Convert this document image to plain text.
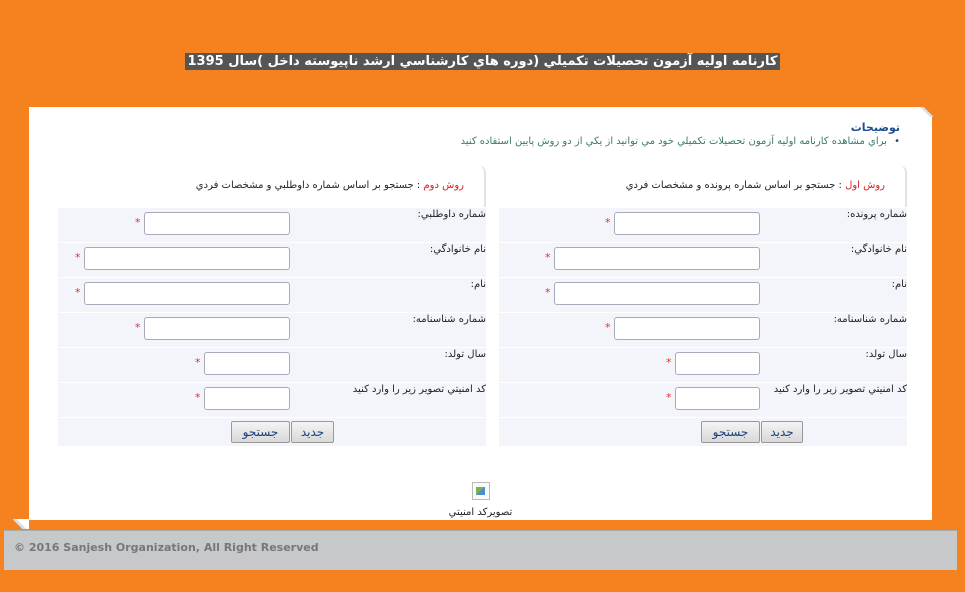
كارنامه اوليه آزمون تحصيلات تكميلي (دوره هاي كارشناسي ارشد ناپيوسته داخل )سال 1395
توضيحات
• براي مشاهده كارنامه اوليه آزمون تحصيلات تكميلي خود مي توانيد از يكي از دو روش پايين استفاده كنيد
روش اول : جستجو بر اساس شماره پرونده و مشخصات فردي
شماره پرونده:
*
نام خانوادگي:
*
نام:
*
شماره شناسنامه:
*
سال تولد:
*
كد امنيتي تصوير زير را وارد كنيد
*
جديد
جستجو
روش دوم : جستجو بر اساس شماره داوطلبي و مشخصات فردي
شماره داوطلبي:
*
نام خانوادگي:
*
نام:
*
شماره شناسنامه:
*
سال تولد:
*
كد امنيتي تصوير زير را وارد كنيد
*
جديد
جستجو
تصويركد امنيتي
© 2016 Sanjesh Organization, All Right Reserved
